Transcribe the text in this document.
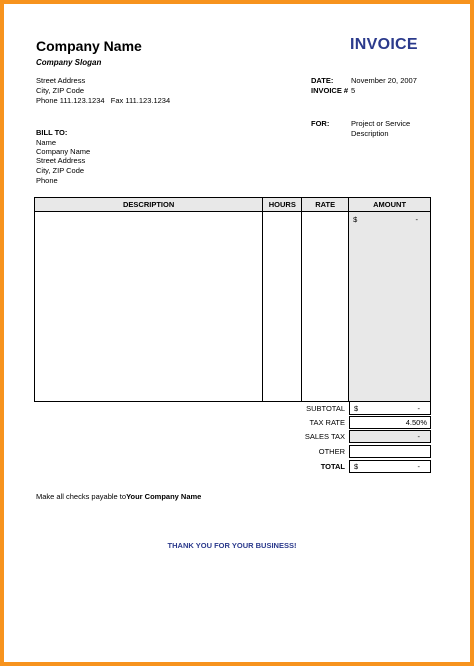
Company Name
Company Slogan
INVOICE
Street Address
City, ZIP Code
Phone 111.123.1234   Fax 111.123.1234
DATE: November 20, 2007
INVOICE # 5
FOR:	Project or Service
Description
BILL TO:
Name
Company Name
Street Address
City, ZIP Code
Phone
DESCRIPTION	HOURS	RATE	AMOUNT

			$ -
SUBTOTAL $	-
TAX RATE	4.50%
SALES TAX	-
OTHER
TOTAL $	-
Make all checks payable toYour Company Name
THANK YOU FOR YOUR BUSINESS!
